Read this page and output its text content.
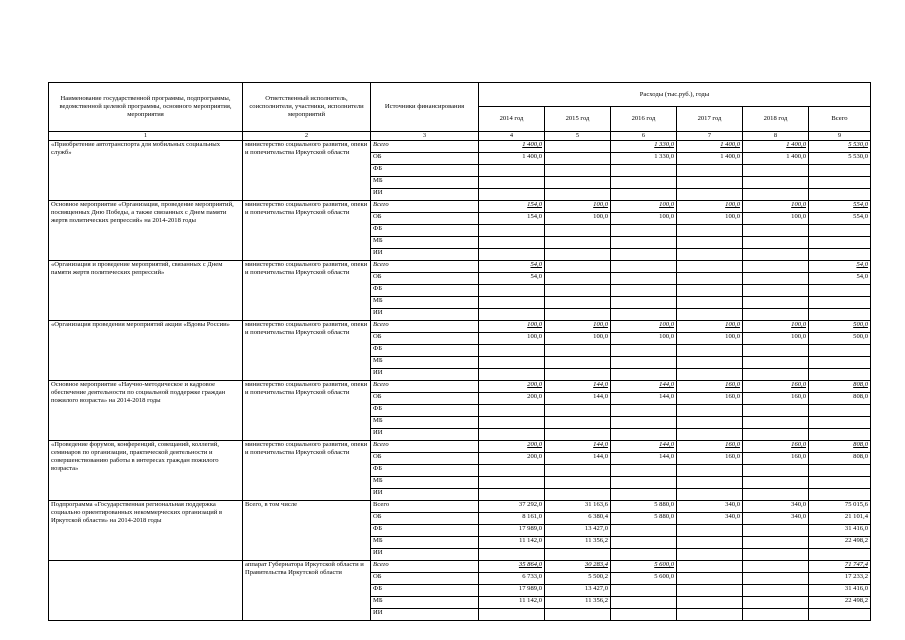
Наименование государственной программы, подпрограммы, ведомственной целевой программы, основного мероприятия, мероприятия	Ответственный исполнитель, соисполнители, участники, исполнители мероприятий	Источники финансирования	Расходы (тыс.руб.), годы					
			2014 год	2015 год	2016 год	2017 год	2018 год	Всего
1	2	3	4	5	6	7	8	9
«Приобретение автотранспорта для мобильных социальных служб»	министерство социального развития, опеки и попечительства Иркутской области	Всего	1 400,0		1 330,0	1 400,0	1 400,0	5 530,0
		ОБ	1 400,0		1 330,0	1 400,0	1 400,0	5 530,0
		ФБ						
		МБ						
		ИИ						
Основное мероприятие «Организация, проведение мероприятий, посвященных Дню Победы, а также связанных с Днем памяти жертв политических репрессий» на 2014-2018 годы	министерство социального развития, опеки и попечительства Иркутской области	Всего	154,0	100,0	100,0	100,0	100,0	554,0
		ОБ	154,0	100,0	100,0	100,0	100,0	554,0
		ФБ						
		МБ						
		ИИ						
«Организация и проведение мероприятий, связанных с Днем памяти жертв политических репрессий»	министерство социального развития, опеки и попечительства Иркутской области	Всего	54,0					54,0
		ОБ	54,0					54,0
		ФБ						
		МБ						
		ИИ						
«Организация проведения мероприятий акции «Вдовы России»	министерство социального развития, опеки и попечительства Иркутской области	Всего	100,0	100,0	100,0	100,0	100,0	500,0
		ОБ	100,0	100,0	100,0	100,0	100,0	500,0
		ФБ						
		МБ						
		ИИ						
Основное мероприятие «Научно-методическое и кадровое обеспечение деятельности по социальной поддержке граждан пожилого возраста» на 2014-2018 годы	министерство социального развития, опеки и попечительства Иркутской области	Всего	200,0	144,0	144,0	160,0	160,0	808,0
		ОБ	200,0	144,0	144,0	160,0	160,0	808,0
		ФБ						
		МБ						
		ИИ						
«Проведение форумов, конференций, совещаний, коллегий, семинаров по организации, практической деятельности и совершенствованию работы в интересах граждан пожилого возраста»	министерство социального развития, опеки и попечительства Иркутской области	Всего	200,0	144,0	144,0	160,0	160,0	808,0
		ОБ	200,0	144,0	144,0	160,0	160,0	808,0
		ФБ						
		МБ						
		ИИ						
Подпрограмма «Государственная региональная поддержка социально ориентированных некоммерческих организаций в Иркутской области» на 2014-2018 годы	Всего, в том числе	Всего	37 292,0	31 163,6	5 880,0	340,0	340,0	75 015,6
		ОБ	8 161,0	6 380,4	5 880,0	340,0	340,0	21 101,4
		ФБ	17 989,0	13 427,0				31 416,0
		МБ	11 142,0	11 356,2				22 498,2
		ИИ						
	аппарат Губернатора Иркутской области и Правительства Иркутской области	Всего	35 864,0	30 283,4	5 600,0			71 747,4
		ОБ	6 733,0	5 500,2	5 600,0			17 233,2
		ФБ	17 989,0	13 427,0				31 416,0
		МБ	11 142,0	11 356,2				22 498,2
		ИИ						
